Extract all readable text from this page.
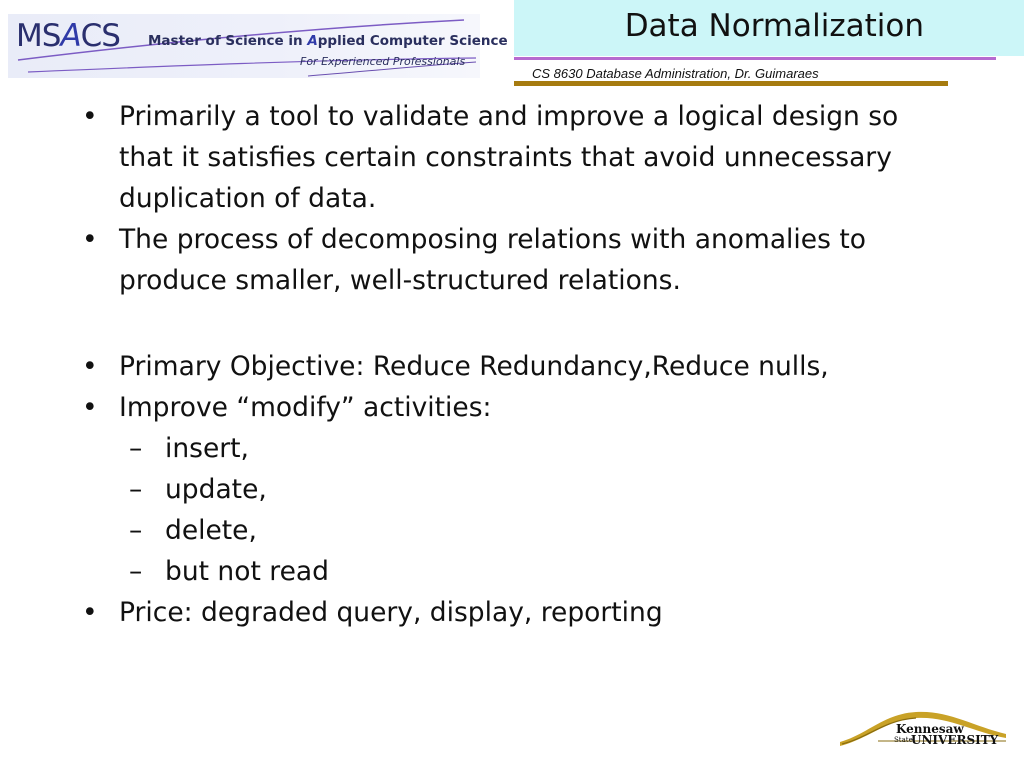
MSACS Master of Science in Applied Computer Science
For Experienced Professionals
Data Normalization
CS 8630 Database Administration, Dr. Guimaraes
• Primarily a tool to validate and improve a logical design so
that it satisfies certain constraints that avoid unnecessary
duplication of data.
• The process of decomposing relations with anomalies to
produce smaller, well-structured relations.
• Primary Objective: Reduce Redundancy,Reduce nulls,
• Improve “modify” activities:
– insert,
– update,
– delete,
– but not read
• Price: degraded query, display, reporting
Kennesaw
State
UNIVERSITY
